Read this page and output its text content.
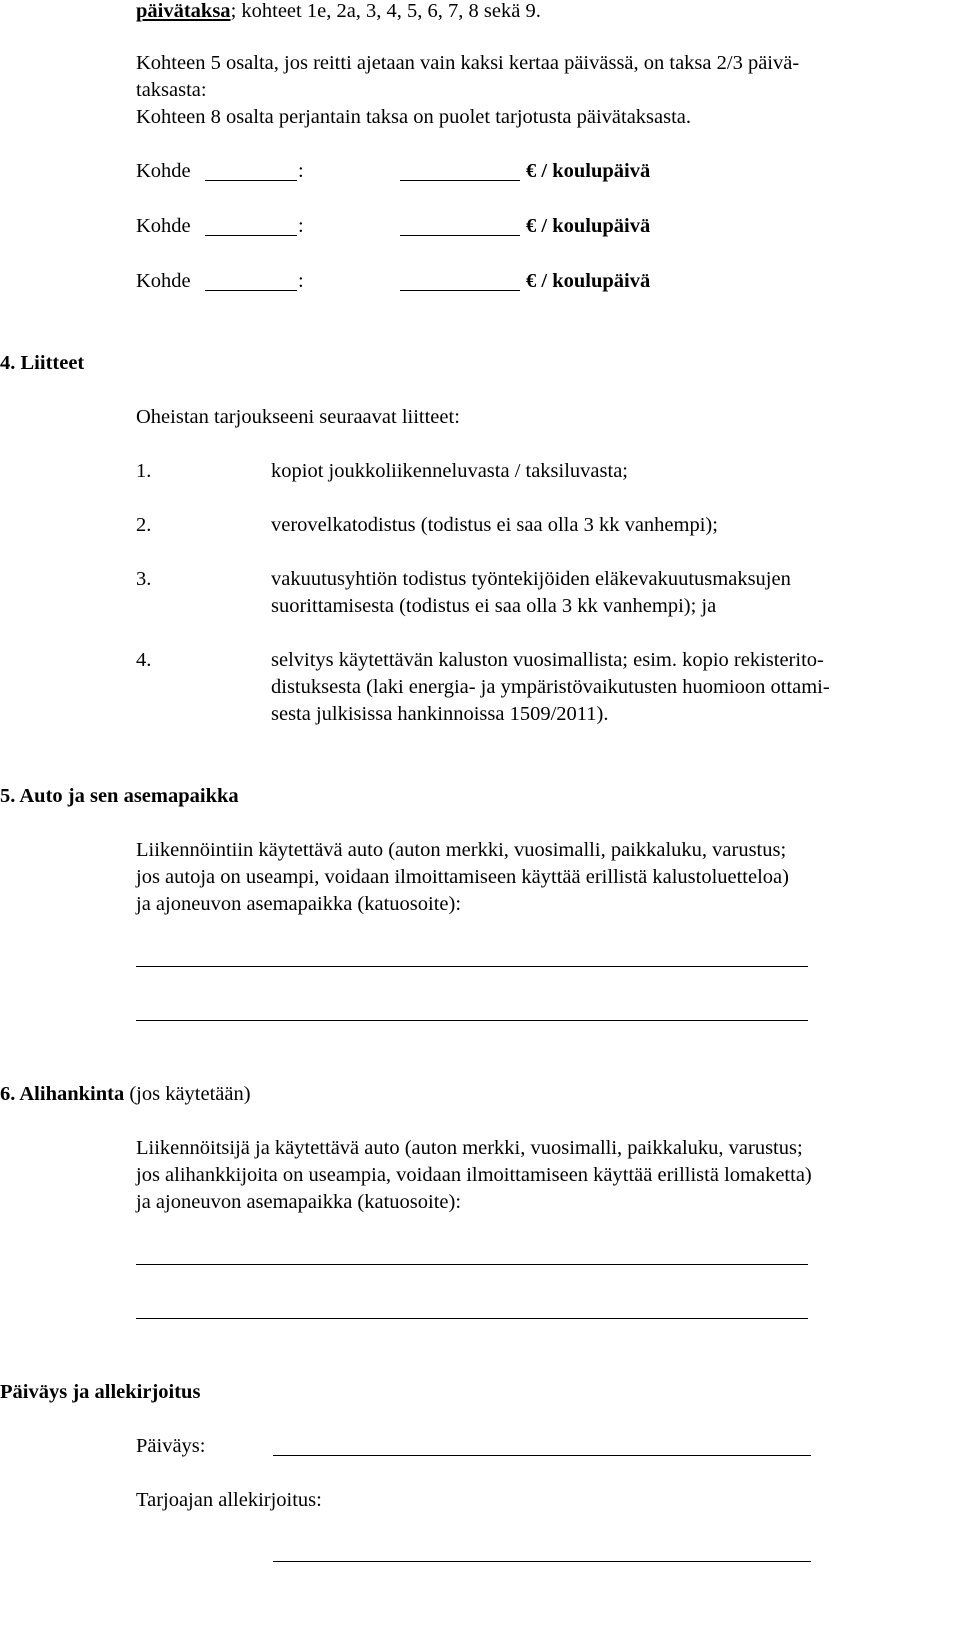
päivätaksa; kohteet 1e, 2a, 3, 4, 5, 6, 7, 8 sekä 9.
Kohteen 5 osalta, jos reitti ajetaan vain kaksi kertaa päivässä, on taksa 2/3 päivä-
taksasta:
Kohteen 8 osalta perjantain taksa on puolet tarjotusta päivätaksasta.
Kohde	:	€ / koulupäivä
Kohde	:	€ / koulupäivä
Kohde	:	€ / koulupäivä
4. Liitteet
Oheistan tarjoukseeni seuraavat liitteet:
1.	kopiot joukkoliikenneluvasta / taksiluvasta;
2.	verovelkatodistus (todistus ei saa olla 3 kk vanhempi);
3.	vakuutusyhtiön todistus työntekijöiden eläkevakuutusmaksujen
suorittamisesta (todistus ei saa olla 3 kk vanhempi); ja
4.	selvitys käytettävän kaluston vuosimallista; esim. kopio rekisterito-
distuksesta (laki energia- ja ympäristövaikutusten huomioon ottami-
sesta julkisissa hankinnoissa 1509/2011).
5. Auto ja sen asemapaikka
Liikennöintiin käytettävä auto (auton merkki, vuosimalli, paikkaluku, varustus;
jos autoja on useampi, voidaan ilmoittamiseen käyttää erillistä kalustoluetteloa)
ja ajoneuvon asemapaikka (katuosoite):
6. Alihankinta (jos käytetään)
Liikennöitsijä ja käytettävä auto (auton merkki, vuosimalli, paikkaluku, varustus;
jos alihankkijoita on useampia, voidaan ilmoittamiseen käyttää erillistä lomaketta)
ja ajoneuvon asemapaikka (katuosoite):
Päiväys ja allekirjoitus
Päiväys:
Tarjoajan allekirjoitus:
